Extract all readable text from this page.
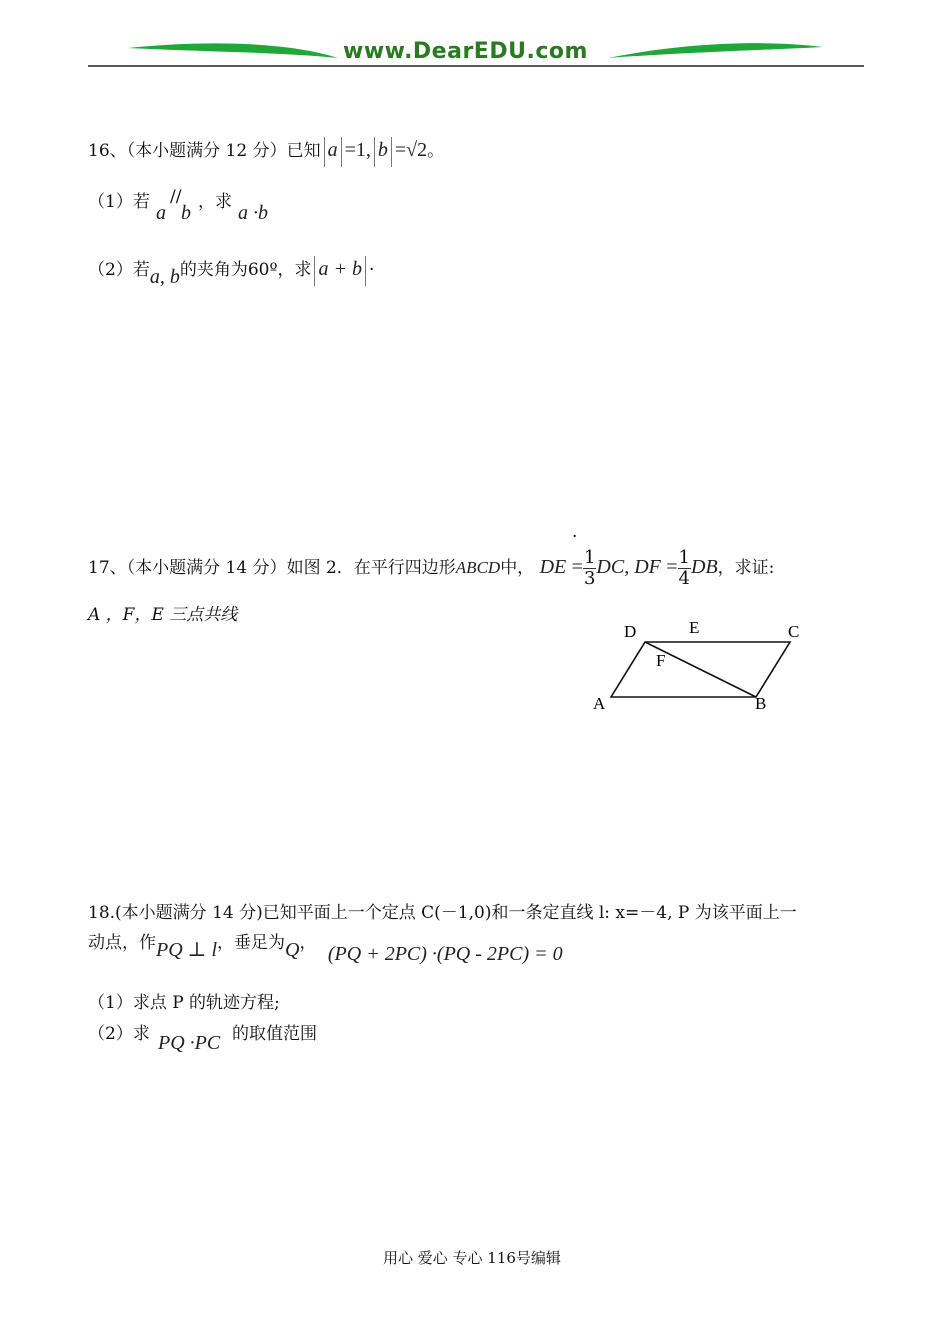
www.DearEDU.com
16、（本小题满分 12 分）已知 a =1, b =√2。
（1）若 a
//
b ，求 a ·b
（2）若a, b的夹角为60º，求 a + b ·
·
17、（本小题满分 14 分）如图 2．在平行四边形ABCD中， DE = $\frac{1}{3}$ DC, DF = $\frac{1}{4}$ DB，求证:
A ，F，E 三点共线
D	E	C
F
A	B
18.(本小题满分 14 分)已知平面上一个定点 C(－1,0)和一条定直线 l: x=－4, P 为该平面上一
动点，作PQ ⊥ l，垂足为Q， (PQ + 2PC) ·(PQ - 2PC) = 0
（1）求点 P 的轨迹方程;
（2）求 PQ ·PC 的取值范围
用心 爱心 专心 116号编辑
